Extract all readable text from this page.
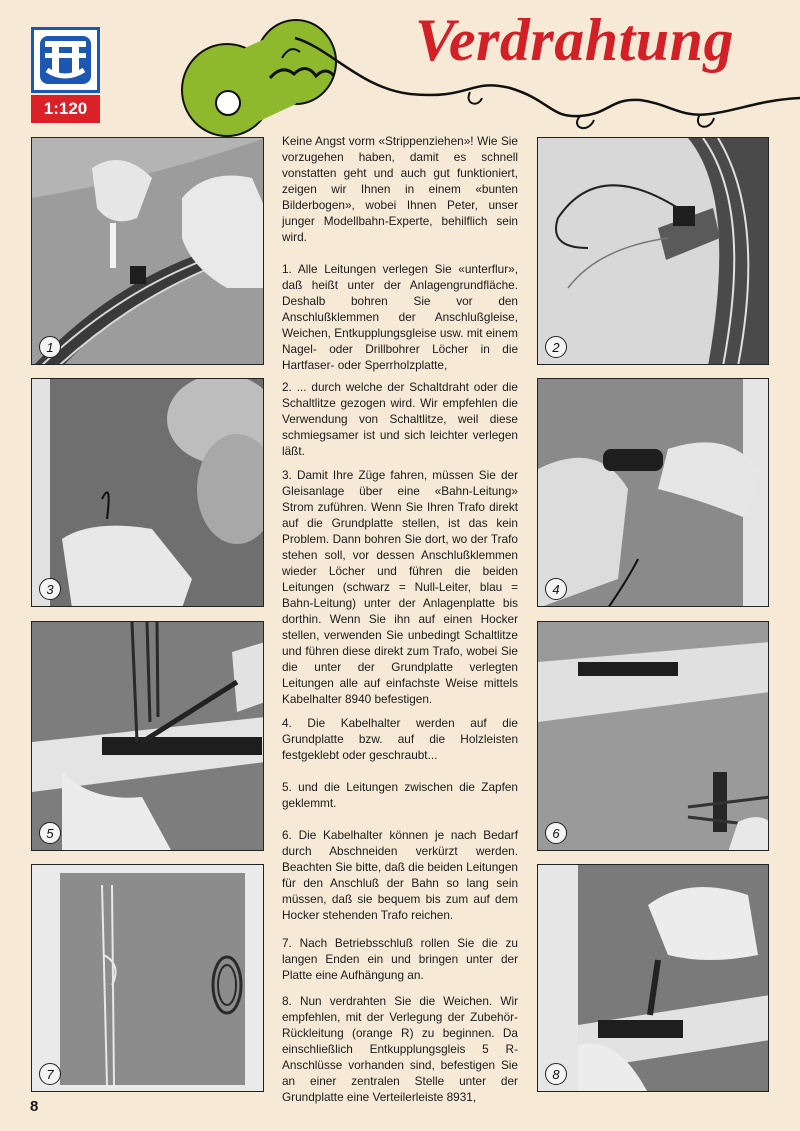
1:120
Verdrahtung
1	2
3	4
5	6
7	8

Keine Angst vorm «Strippenziehen»! Wie Sie vorzugehen haben, damit es schnell vonstatten geht und auch gut funktioniert, zeigen wir Ihnen in einem «bunten Bilderbogen», wobei Ihnen Peter, unser junger Modellbahn-Experte, behilflich sein wird.

1. Alle Leitungen verlegen Sie «unterflur», daß heißt unter der Anlagengrundfläche. Deshalb bohren Sie vor den Anschlußklemmen der Anschlußgleise, Weichen, Entkupplungsgleise usw. mit einem Nagel- oder Drillbohrer Löcher in die Hartfaser- oder Sperrholzplatte,

2. ... durch welche der Schaltdraht oder die Schaltlitze gezogen wird. Wir empfehlen die Verwendung von Schaltlitze, weil diese schmiegsamer ist und sich leichter verlegen läßt.

3. Damit Ihre Züge fahren, müssen Sie der Gleisanlage über eine «Bahn-Leitung» Strom zuführen. Wenn Sie Ihren Trafo direkt auf die Grundplatte stellen, ist das kein Problem. Dann bohren Sie dort, wo der Trafo stehen soll, vor dessen Anschlußklemmen wieder Löcher und führen die beiden Leitungen (schwarz = Null-Leiter, blau = Bahn-Leitung) unter der Anlagenplatte bis dorthin. Wenn Sie ihn auf einen Hocker stellen, verwenden Sie unbedingt Schaltlitze und führen diese direkt zum Trafo, wobei Sie die unter der Grundplatte verlegten Leitungen alle auf einfachste Weise mittels Kabelhalter 8940 befestigen.

4. Die Kabelhalter werden auf die Grundplatte bzw. auf die Holzleisten festgeklebt oder geschraubt...

5. und die Leitungen zwischen die Zapfen geklemmt.

6. Die Kabelhalter können je nach Bedarf durch Abschneiden verkürzt werden. Beachten Sie bitte, daß die beiden Leitungen für den Anschluß der Bahn so lang sein müssen, daß sie bequem bis zum auf dem Hocker stehenden Trafo reichen.

7. Nach Betriebsschluß rollen Sie die zu langen Enden ein und bringen unter der Platte eine Aufhängung an.

8. Nun verdrahten Sie die Weichen. Wir empfehlen, mit der Verlegung der Zubehör-Rückleitung (orange R) zu beginnen. Da einschließlich Entkupplungsgleis 5 R-Anschlüsse vorhanden sind, befestigen Sie an einer zentralen Stelle unter der Grundplatte eine Verteilerleiste 8931,

8
